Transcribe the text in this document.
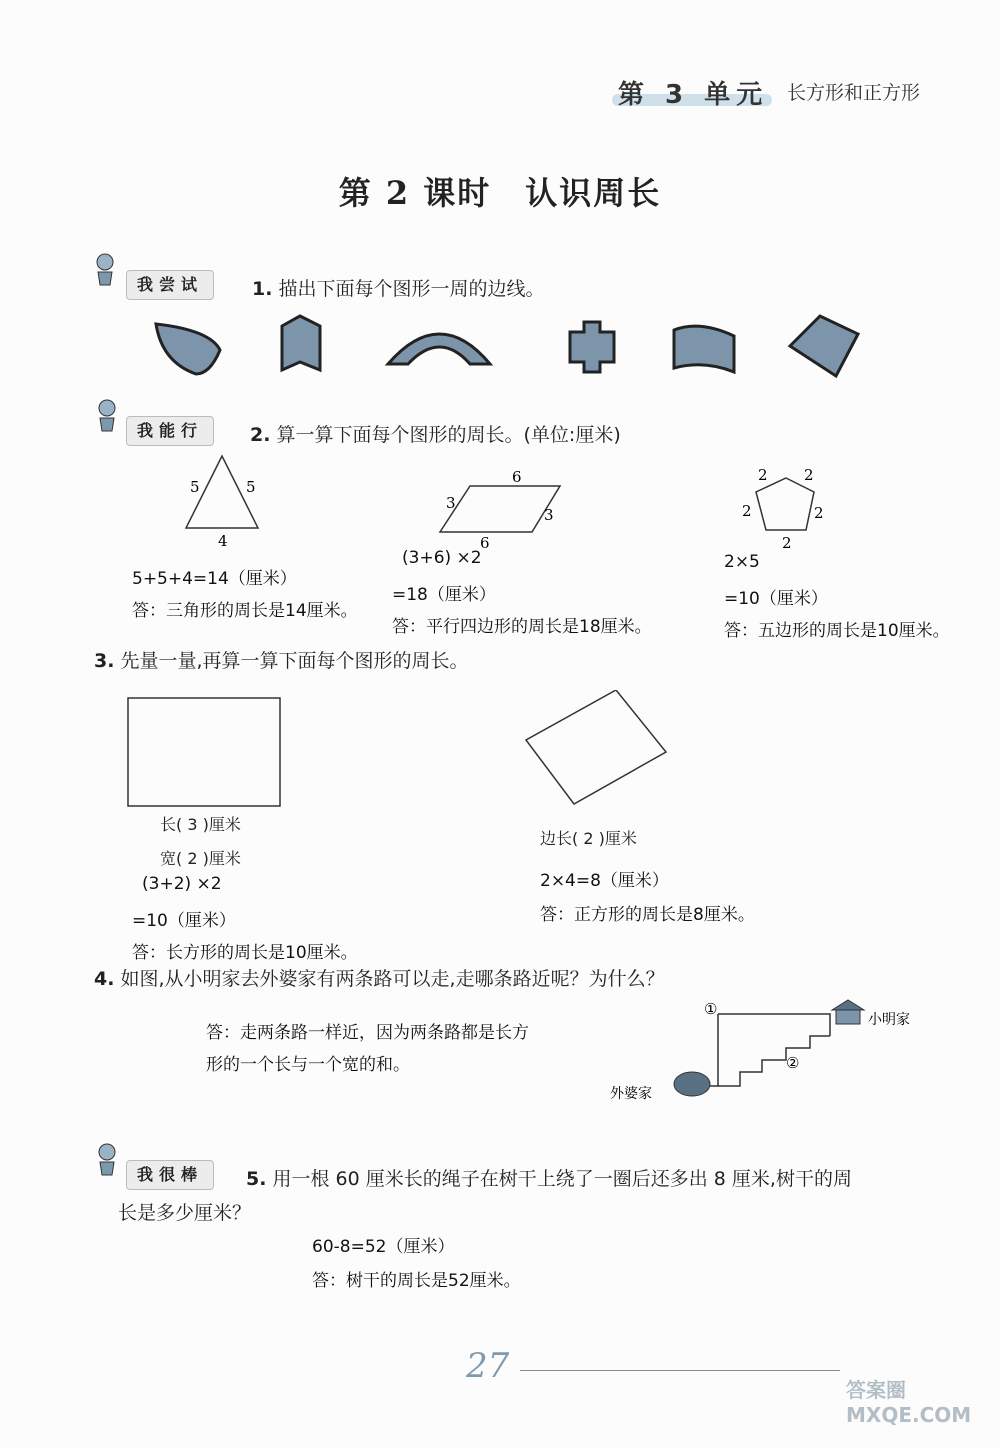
第 3 单元 长方形和正方形
第 2 课时　认识周长
我尝试	1. 描出下面每个图形一周的边线。
我能行	2. 算一算下面每个图形的周长。(单位:厘米)
5	5
4
6
6
3
3
2 2
2	2
2
5+5+4=14（厘米）
答：三角形的周长是14厘米。
(3+6) ×2
=18（厘米）
答：平行四边形的周长是18厘米。
2×5
=10（厘米）
答：五边形的周长是10厘米。
3. 先量一量,再算一算下面每个图形的周长。
长( 3 )厘米
宽( 2 )厘米
(3+2) ×2
=10（厘米）
答：长方形的周长是10厘米。
边长( 2 )厘米
2×4=8（厘米）
答：正方形的周长是8厘米。
4. 如图,从小明家去外婆家有两条路可以走,走哪条路近呢？为什么？
答：走两条路一样近，因为两条路都是长方
形的一个长与一个宽的和。
①
②
小明家
外婆家
我很棒	5. 用一根 60 厘米长的绳子在树干上绕了一圈后还多出 8 厘米,树干的周
长是多少厘米？
60-8=52（厘米）
答：树干的周长是52厘米。
27
答案圈 MXQE.COM
